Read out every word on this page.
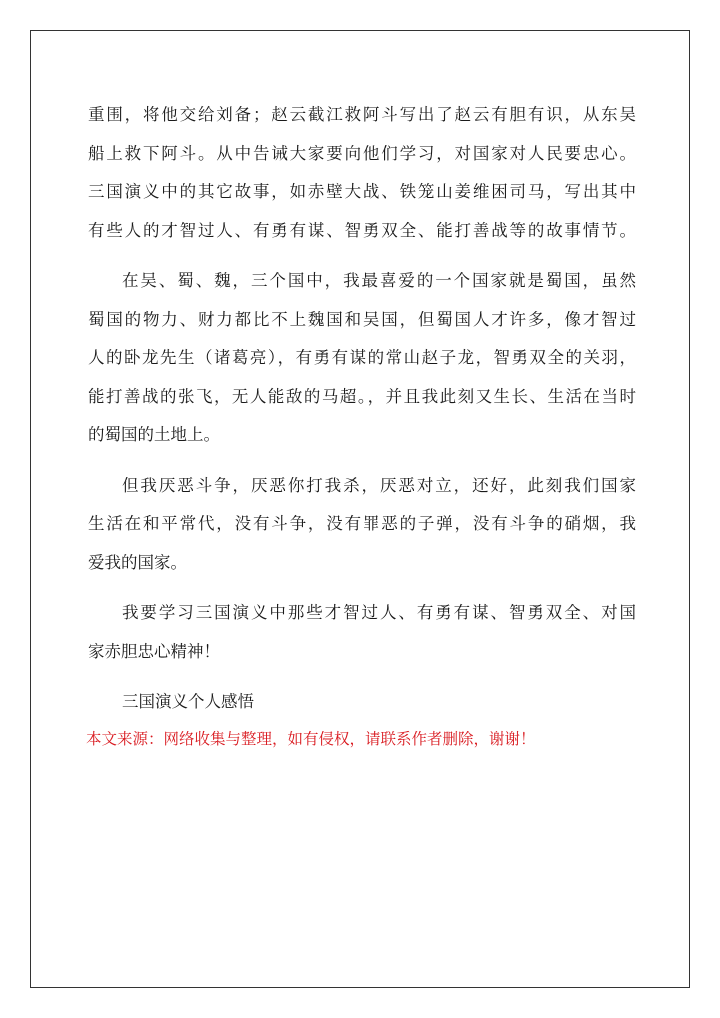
重围，将他交给刘备；赵云截江救阿斗写出了赵云有胆有识，从东吴
船上救下阿斗。从中告诫大家要向他们学习，对国家对人民要忠心。
三国演义中的其它故事，如赤壁大战、铁笼山姜维困司马，写出其中
有些人的才智过人、有勇有谋、智勇双全、能打善战等的故事情节。
在吴、蜀、魏，三个国中，我最喜爱的一个国家就是蜀国，虽然
蜀国的物力、财力都比不上魏国和吴国，但蜀国人才许多，像才智过
人的卧龙先生（诸葛亮），有勇有谋的常山赵子龙，智勇双全的关羽，
能打善战的张飞，无人能敌的马超。，并且我此刻又生长、生活在当时
的蜀国的土地上。
但我厌恶斗争，厌恶你打我杀，厌恶对立，还好，此刻我们国家
生活在和平常代，没有斗争，没有罪恶的子弹，没有斗争的硝烟，我
爱我的国家。
我要学习三国演义中那些才智过人、有勇有谋、智勇双全、对国
家赤胆忠心精神！
三国演义个人感悟
本文来源：网络收集与整理，如有侵权，请联系作者删除，谢谢！
